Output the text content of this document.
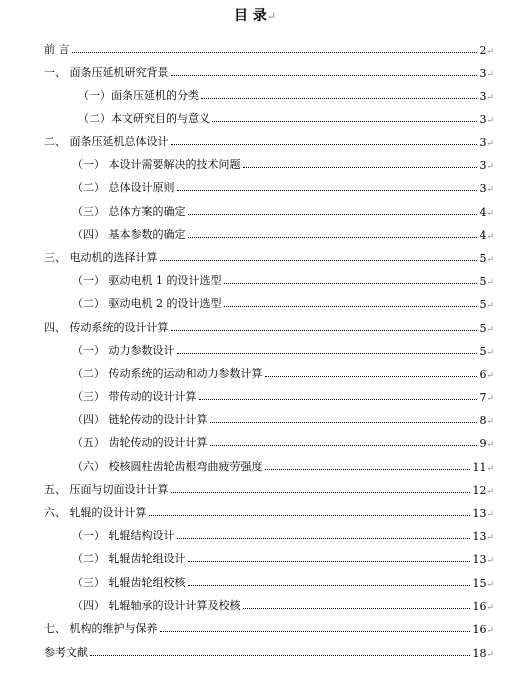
目 录↵
前 言	2↵
一、 面条压延机研究背景	3↵
（一）面条压延机的分类	3↵
（二）本文研究目的与意义	3↵
二、 面条压延机总体设计	3↵
（一） 本设计需要解决的技术问题	3↵
（二） 总体设计原则	3↵
（三） 总体方案的确定	4↵
（四） 基本参数的确定	4↵
三、 电动机的选择计算	5↵
（一） 驱动电机 1 的设计选型	5↵
（二） 驱动电机 2 的设计选型	5↵
四、 传动系统的设计计算	5↵
（一） 动力参数设计	5↵
（二） 传动系统的运动和动力参数计算	6↵
（三） 带传动的设计计算	7↵
（四） 链轮传动的设计计算	8↵
（五） 齿轮传动的设计计算	9↵
（六） 校核圆柱齿轮齿根弯曲疲劳强度	11↵
五、 压面与切面设计计算	12↵
六、 轧辊的设计计算	13↵
（一） 轧辊结构设计	13↵
（二） 轧辊齿轮组设计	13↵
（三） 轧辊齿轮组校核	15↵
（四） 轧辊轴承的设计计算及校核	16↵
七、 机构的维护与保养	16↵
参考文献	18↵
